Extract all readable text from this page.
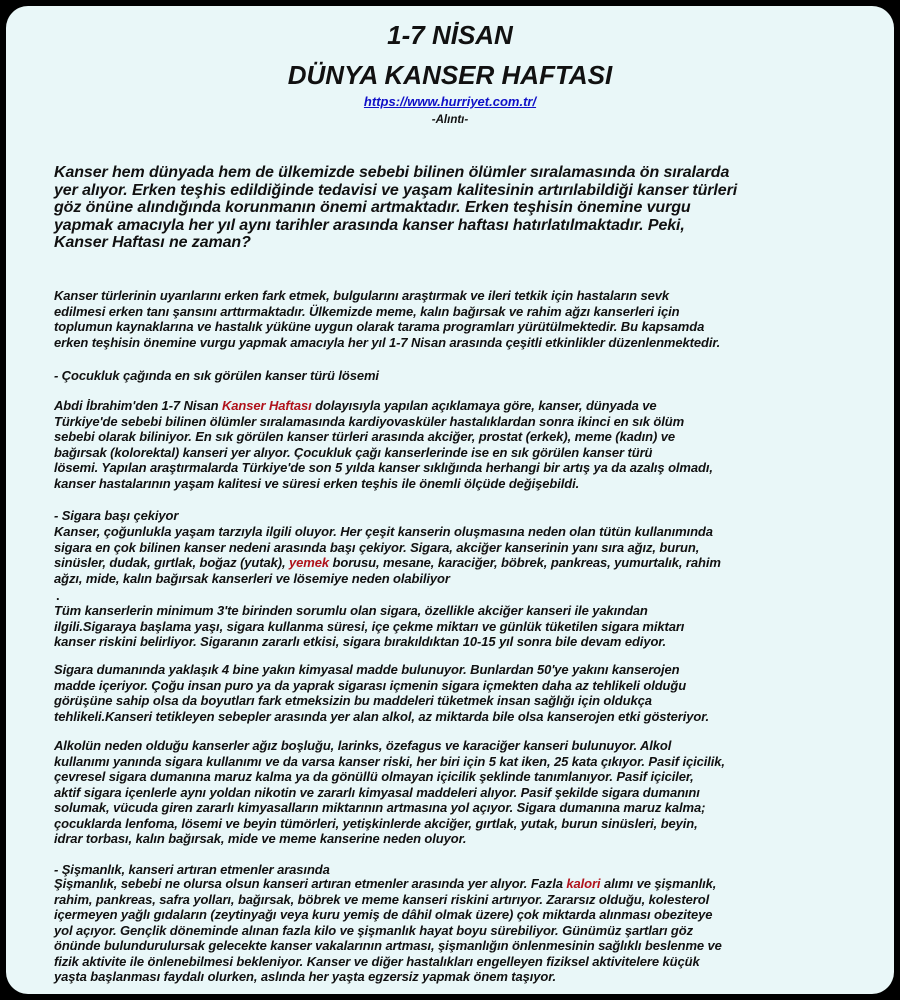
1-7 NİSAN
DÜNYA KANSER HAFTASI
https://www.hurriyet.com.tr/
-Alıntı-
Kanser hem dünyada hem de ülkemizde sebebi bilinen ölümler sıralamasında ön sıralarda
yer alıyor. Erken teşhis edildiğinde tedavisi ve yaşam kalitesinin artırılabildiği kanser türleri
göz önüne alındığında korunmanın önemi artmaktadır. Erken teşhisin önemine vurgu
yapmak amacıyla her yıl aynı tarihler arasında kanser haftası hatırlatılmaktadır. Peki,
Kanser Haftası ne zaman?
Kanser türlerinin uyarılarını erken fark etmek, bulgularını araştırmak ve ileri tetkik için hastaların sevk
edilmesi erken tanı şansını arttırmaktadır. Ülkemizde meme, kalın bağırsak ve rahim ağzı kanserleri için
toplumun kaynaklarına ve hastalık yüküne uygun olarak tarama programları yürütülmektedir. Bu kapsamda
erken teşhisin önemine vurgu yapmak amacıyla her yıl 1-7 Nisan arasında çeşitli etkinlikler düzenlenmektedir.
- Çocukluk çağında en sık görülen kanser türü lösemi
Abdi İbrahim'den 1-7 Nisan Kanser Haftası dolayısıyla yapılan açıklamaya göre, kanser, dünyada ve
Türkiye'de sebebi bilinen ölümler sıralamasında kardiyovasküler hastalıklardan sonra ikinci en sık ölüm
sebebi olarak biliniyor. En sık görülen kanser türleri arasında akciğer, prostat (erkek), meme (kadın) ve
bağırsak (kolorektal) kanseri yer alıyor. Çocukluk çağı kanserlerinde ise en sık görülen kanser türü
lösemi. Yapılan araştırmalarda Türkiye'de son 5 yılda kanser sıklığında herhangi bir artış ya da azalış olmadı,
kanser hastalarının yaşam kalitesi ve süresi erken teşhis ile önemli ölçüde değişebildi.
- Sigara başı çekiyor
Kanser, çoğunlukla yaşam tarzıyla ilgili oluyor. Her çeşit kanserin oluşmasına neden olan tütün kullanımında
sigara en çok bilinen kanser nedeni arasında başı çekiyor. Sigara, akciğer kanserinin yanı sıra ağız, burun,
sinüsler, dudak, gırtlak, boğaz (yutak), yemek borusu, mesane, karaciğer, böbrek, pankreas, yumurtalık, rahim
ağzı, mide, kalın bağırsak kanserleri ve lösemiye neden olabiliyor
.
Tüm kanserlerin minimum 3'te birinden sorumlu olan sigara, özellikle akciğer kanseri ile yakından
ilgili.Sigaraya başlama yaşı, sigara kullanma süresi, içe çekme miktarı ve günlük tüketilen sigara miktarı
kanser riskini belirliyor. Sigaranın zararlı etkisi, sigara bırakıldıktan 10-15 yıl sonra bile devam ediyor.
Sigara dumanında yaklaşık 4 bine yakın kimyasal madde bulunuyor. Bunlardan 50'ye yakını kanserojen
madde içeriyor. Çoğu insan puro ya da yaprak sigarası içmenin sigara içmekten daha az tehlikeli olduğu
görüşüne sahip olsa da boyutları fark etmeksizin bu maddeleri tüketmek insan sağlığı için oldukça
tehlikeli.Kanseri tetikleyen sebepler arasında yer alan alkol, az miktarda bile olsa kanserojen etki gösteriyor.
Alkolün neden olduğu kanserler ağız boşluğu, larinks, özefagus ve karaciğer kanseri bulunuyor. Alkol
kullanımı yanında sigara kullanımı ve da varsa kanser riski, her biri için 5 kat iken, 25 kata çıkıyor. Pasif içicilik,
çevresel sigara dumanına maruz kalma ya da gönüllü olmayan içicilik şeklinde tanımlanıyor. Pasif içiciler,
aktif sigara içenlerle aynı yoldan nikotin ve zararlı kimyasal maddeleri alıyor. Pasif şekilde sigara dumanını
solumak, vücuda giren zararlı kimyasalların miktarının artmasına yol açıyor. Sigara dumanına maruz kalma;
çocuklarda lenfoma, lösemi ve beyin tümörleri, yetişkinlerde akciğer, gırtlak, yutak, burun sinüsleri, beyin,
idrar torbası, kalın bağırsak, mide ve meme kanserine neden oluyor.
- Şişmanlık, kanseri artıran etmenler arasında
Şişmanlık, sebebi ne olursa olsun kanseri artıran etmenler arasında yer alıyor. Fazla kalori alımı ve şişmanlık,
rahim, pankreas, safra yolları, bağırsak, böbrek ve meme kanseri riskini artırıyor. Zararsız olduğu, kolesterol
içermeyen yağlı gıdaların (zeytinyağı veya kuru yemiş de dâhil olmak üzere) çok miktarda alınması obeziteye
yol açıyor. Gençlik döneminde alınan fazla kilo ve şişmanlık hayat boyu sürebiliyor. Günümüz şartları göz
önünde bulundurulursak gelecekte kanser vakalarının artması, şişmanlığın önlenmesinin sağlıklı beslenme ve
fizik aktivite ile önlenebilmesi bekleniyor. Kanser ve diğer hastalıkları engelleyen fiziksel aktivitelere küçük
yaşta başlanması faydalı olurken, aslında her yaşta egzersiz yapmak önem taşıyor.
